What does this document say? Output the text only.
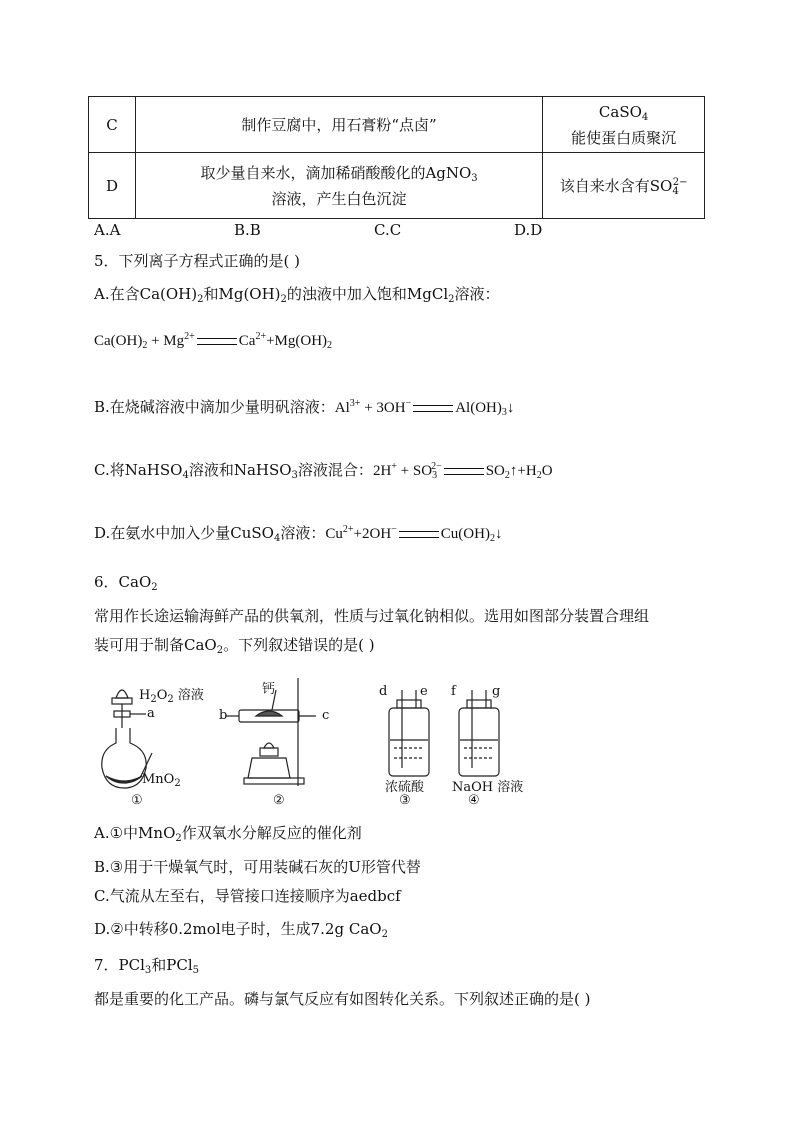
C	制作豆腐中，用石膏粉“点卤”	CaSO$_4$
能使蛋白质聚沉

D	取少量自来水，滴加稀硝酸酸化的AgNO$_3$
溶液，产生白色沉淀	该自来水含有$SO_4^{2-}$
A.A	B.B	C.C	D.D
5．下列离子方程式正确的是( )
A.在含$Ca(OH)_2$和$Mg(OH)_2$的浊液中加入饱和MgCl$_2$溶液：
$Ca(OH)_2 + Mg^{2+}$	$Ca^{2+}+Mg(OH)_2$
B.在烧碱溶液中滴加少量明矾溶液：$Al^{3+} + 3OH^-$	$Al(OH)_3↓$
C.将NaHSO$_4$溶液和NaHSO$_3$溶液混合：$2H^+ + SO_3^{2-}$	$SO_2↑+H_2O$
D.在氨水中加入少量CuSO$_4$溶液：$Cu^{2+}+2OH^-$	$Cu(OH)_2↓$
6．CaO$_2$
常用作长途运输海鲜产品的供氧剂，性质与过氧化钠相似。选用如图部分装置合理组
装可用于制备CaO$_2$。下列叙述错误的是( )
$H_2O_2$ 溶液
a
MnO$_2$
钙
b	c
d	e f	g
浓硫酸 NaOH 溶液
①	②	③	④
A.①中MnO$_2$作双氧水分解反应的催化剂
B.③用于干燥氧气时，可用装碱石灰的U形管代替
C.气流从左至右，导管接口连接顺序为aedbcf
D.②中转移0.2mol电子时，生成7.2g CaO$_2$
7．PCl$_3$和PCl$_5$
都是重要的化工产品。磷与氯气反应有如图转化关系。下列叙述正确的是( )
